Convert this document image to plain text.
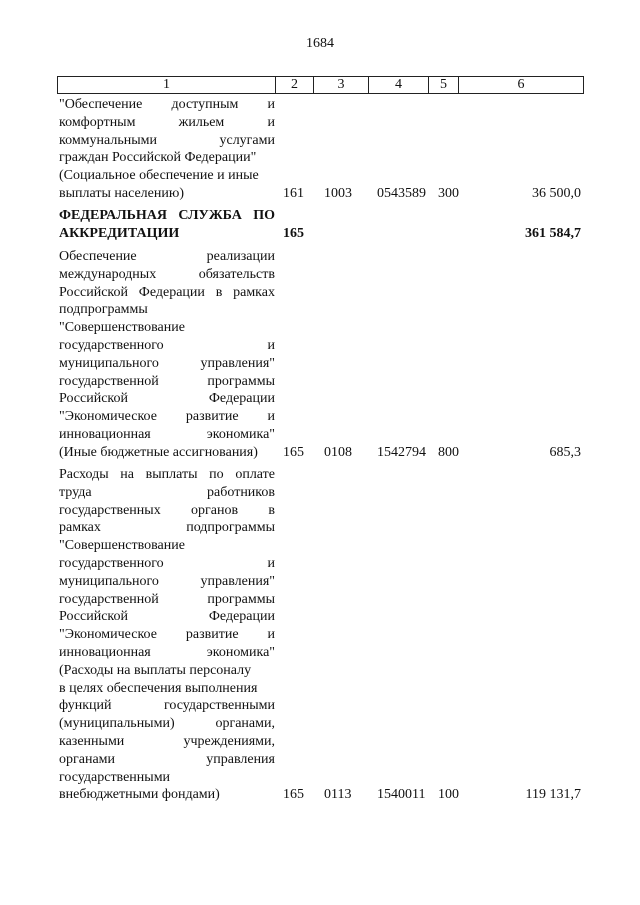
1684
1	2	3	4	5	6
"Обеспечение доступным и
комфортным жильем и
коммунальными услугами
граждан Российской Федерации"
(Социальное обеспечение и иные
выплаты населению)	161 1003 0543589 300	36 500,0
ФЕДЕРАЛЬНАЯ СЛУЖБА ПО
АККРЕДИТАЦИИ	165	361 584,7
Обеспечение реализации
международных обязательств
Российской Федерации в рамках
подпрограммы
"Совершенствование
государственного и
муниципального управления"
государственной программы
Российской Федерации
"Экономическое развитие и
инновационная экономика"
(Иные бюджетные ассигнования)	165 0108 1542794 800	685,3
Расходы на выплаты по оплате
труда работников
государственных органов в
рамках подпрограммы
"Совершенствование
государственного и
муниципального управления"
государственной программы
Российской Федерации
"Экономическое развитие и
инновационная экономика"
(Расходы на выплаты персоналу
в целях обеспечения выполнения
функций государственными
(муниципальными) органами,
казенными учреждениями,
органами управления
государственными
внебюджетными фондами)	165 0113 1540011 100	119 131,7
